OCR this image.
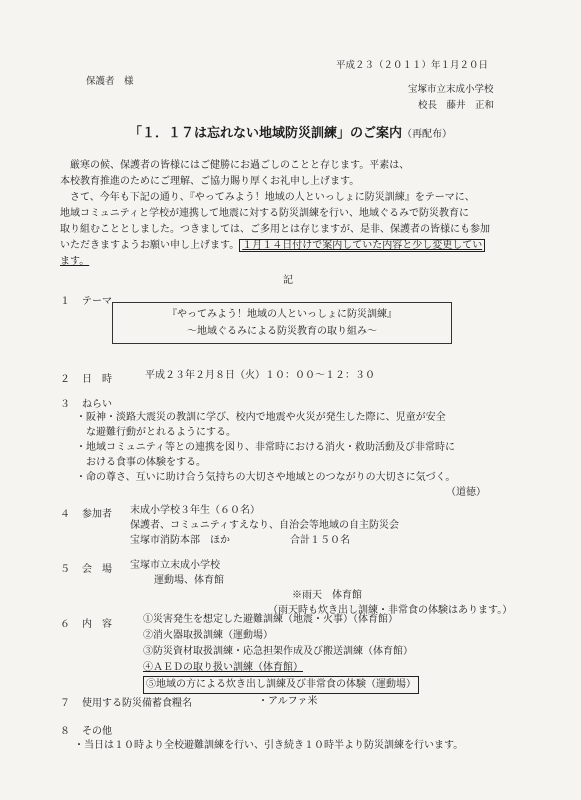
平成２３（２０１１）年１月２０日
保護者　様
宝塚市立末成小学校
校長　藤井　正和
「１．１７は忘れない地域防災訓練」のご案内（再配布）
厳寒の候、保護者の皆様にはご健勝にお過ごしのことと存じます。平素は、
本校教育推進のためにご理解、ご協力賜り厚くお礼申し上げます。
さて、今年も下記の通り、『やってみよう！地域の人といっしょに防災訓練』をテーマに、
地域コミュニティと学校が連携して地震に対する防災訓練を行い、地域ぐるみで防災教育に
取り組むこととしました。つきましては、ご多用とは存じますが、是非、保護者の皆様にも参加
いただきますようお願い申し上げます。 １月１４日付けで案内していた内容と少し変更してい
ます。
記
１ テーマ
『やってみよう！地域の人といっしょに防災訓練』
～地域ぐるみによる防災教育の取り組み～
２ 日　時	平成２３年２月８日（火）１０：００～１２：３０
３ ねらい
・阪神・淡路大震災の教訓に学び、校内で地震や火災が発生した際に、児童が安全
な避難行動がとれるようにする。
・地域コミュニティ等との連携を図り、非常時における消火・救助活動及び非常時に
おける食事の体験をする。
・命の尊さ、互いに助け合う気持ちの大切さや地域とのつながりの大切さに気づく。
（道徳）
４ 参加者 末成小学校３年生（６０名）
保護者、コミュニティすえなり、自治会等地域の自主防災会
宝塚市消防本部　ほか	合計１５０名
５ 会　場 宝塚市立末成小学校
運動場、体育館
※雨天　体育館
（雨天時も炊き出し訓練・非常食の体験はあります。）
６ 内　容	①災害発生を想定した避難訓練（地震・火事）（体育館）
②消火器取扱訓練（運動場）
③防災資材取扱訓練・応急担架作成及び搬送訓練（体育館）
④ＡＥＤの取り扱い訓練（体育館）
⑤地域の方による炊き出し訓練及び非常食の体験（運動場）
７ 使用する防災備蓄食糧名	・アルファ米
８ その他
・当日は１０時より全校避難訓練を行い、引き続き１０時半より防災訓練を行います。
